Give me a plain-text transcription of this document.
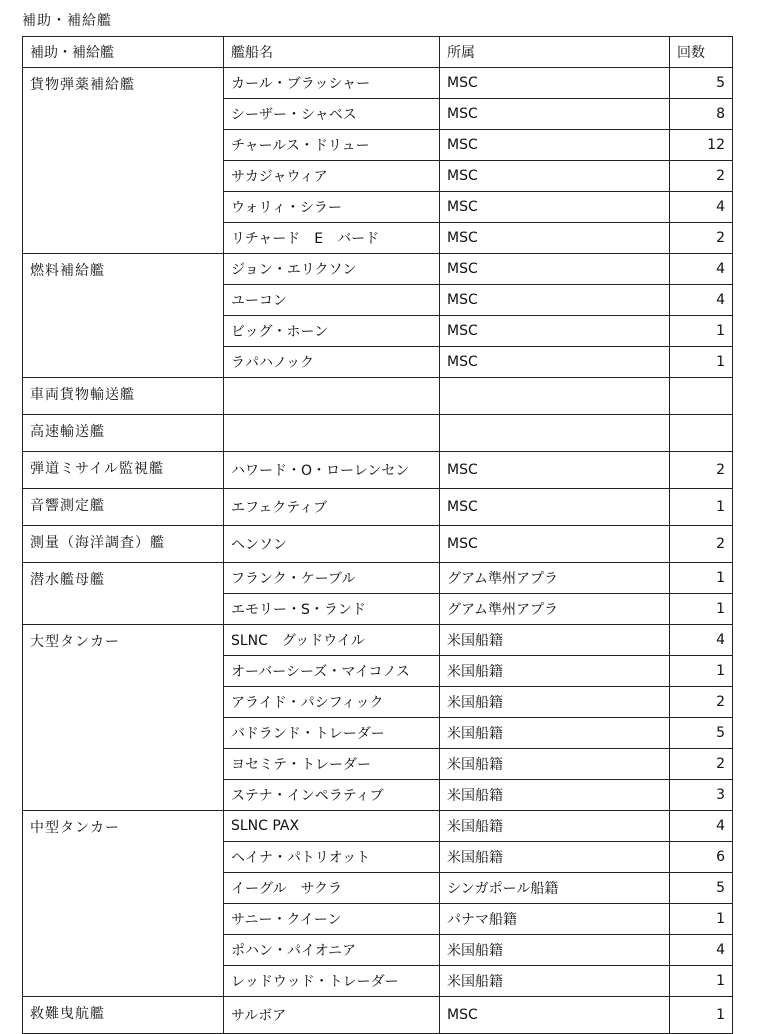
補助・補給艦
補助・補給艦	艦船名	所属	回数
貨物弾薬補給艦	カール・ブラッシャー	MSC	5
	シーザー・シャベス	MSC	8
	チャールス・ドリュー	MSC	12
	サカジャウィア	MSC	2
	ウォリィ・シラー	MSC	4
	リチャード　E　バード	MSC	2
燃料補給艦	ジョン・エリクソン	MSC	4
	ユーコン	MSC	4
	ビッグ・ホーン	MSC	1
	ラパハノック	MSC	1
車両貨物輸送艦			
高速輸送艦			
弾道ミサイル監視艦	ハワード・O・ローレンセン	MSC	2
音響測定艦	エフェクティブ	MSC	1
測量（海洋調査）艦	ヘンソン	MSC	2
潜水艦母艦	フランク・ケーブル	グアム準州アプラ	1
	エモリー・S・ランド	グアム準州アプラ	1
大型タンカー	SLNC　グッドウイル	米国船籍	4
	オーバーシーズ・マイコノス	米国船籍	1
	アライド・パシフィック	米国船籍	2
	バドランド・トレーダー	米国船籍	5
	ヨセミテ・トレーダー	米国船籍	2
	ステナ・インペラティブ	米国船籍	3
中型タンカー	SLNC PAX	米国船籍	4
	ヘイナ・パトリオット	米国船籍	6
	イーグル　サクラ	シンガポール船籍	5
	サニー・クイーン	パナマ船籍	1
	ポハン・パイオニア	米国船籍	4
	レッドウッド・トレーダー	米国船籍	1
救難曳航艦	サルボア	MSC	1
